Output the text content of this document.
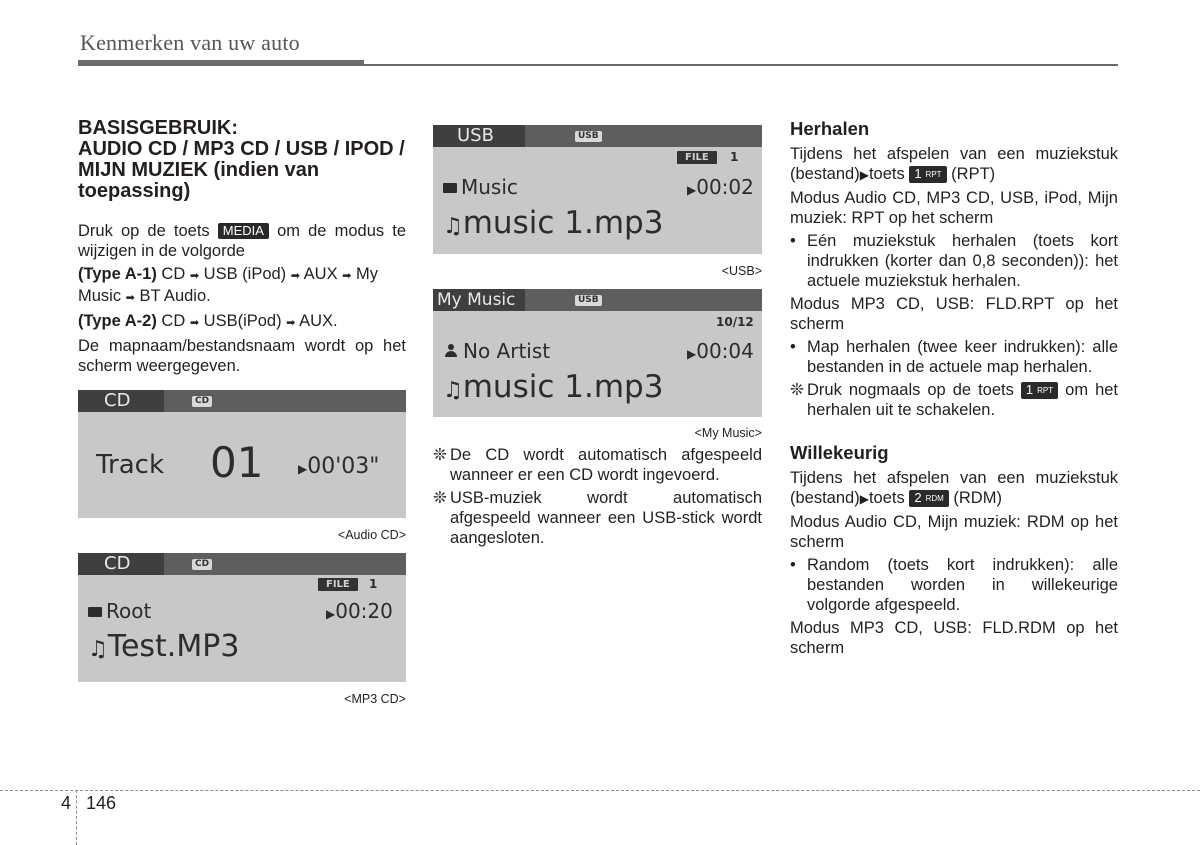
Kenmerken van uw auto
BASISGEBRUIK:
AUDIO CD / MP3 CD / USB / IPOD / MIJN MUZIEK (indien van toepassing)

Druk op de toets MEDIA om de modus te wijzigen in de volgorde

(Type A-1) CD ➡ USB (iPod) ➡ AUX ➡ My Music ➡ BT Audio.

(Type A-2) CD ➡ USB(iPod) ➡ AUX.

De mapnaam/bestandsnaam wordt op het scherm weergegeven.

CD	CD
Track 01	▶00'03"
<Audio CD>
CD	CD
FILE	1
Root	▶00:20
♫Test.MP3
<MP3 CD>
USB	USB
FILE	1
Music	▶00:02
♫music 1.mp3
<USB>
My Music	USB
10/12
No Artist	▶00:04
♫music 1.mp3
<My Music>
❊ De CD wordt automatisch afgespeeld wanneer er een CD wordt ingevoerd.
❊ USB-muziek wordt automatisch afgespeeld wanneer een USB-stick wordt aangesloten.
Herhalen

Tijdens het afspelen van een muziekstuk (bestand)▶toets 1 RPT (RPT)

Modus Audio CD, MP3 CD, USB, iPod, Mijn muziek: RPT op het scherm

• Eén muziekstuk herhalen (toets kort indrukken (korter dan 0,8 seconden)): het actuele muziekstuk herhalen.

Modus MP3 CD, USB: FLD.RPT op het scherm

• Map herhalen (twee keer indrukken): alle bestanden in de actuele map herhalen.
❊ Druk nogmaals op de toets 1 RPT om het herhalen uit te schakelen.
Willekeurig

Tijdens het afspelen van een muziekstuk (bestand)▶toets 2 RDM (RDM)

Modus Audio CD, Mijn muziek: RDM op het scherm

• Random (toets kort indrukken): alle bestanden worden in willekeurige volgorde afgespeeld.

Modus MP3 CD, USB: FLD.RDM op het scherm

4 146
